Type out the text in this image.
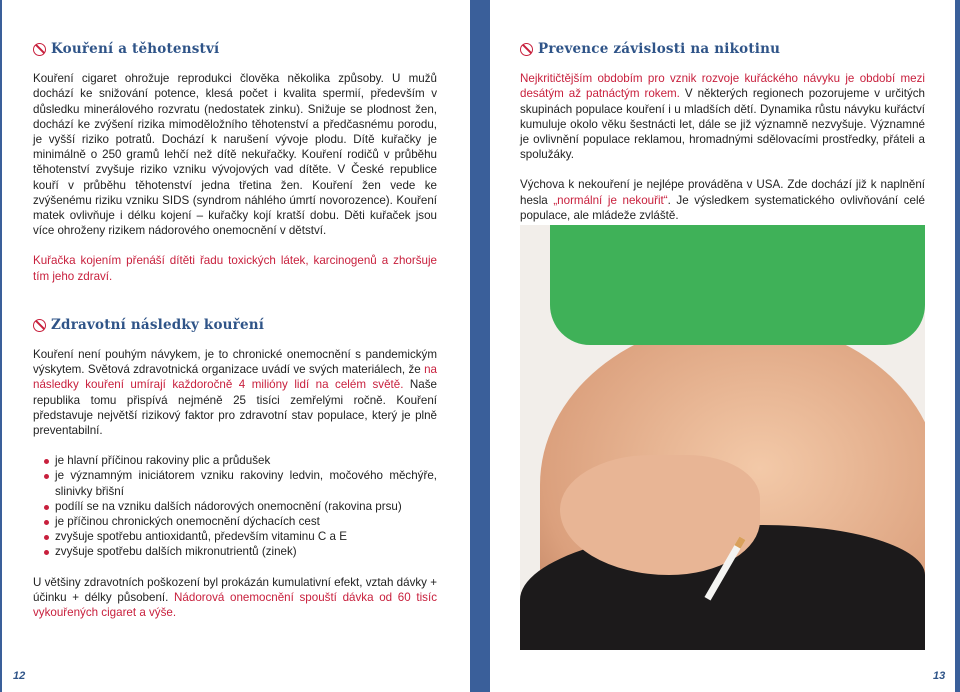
Kouření a těhotenství

Kouření cigaret ohrožuje reprodukci člověka několika způsoby. U mužů dochází ke snižování potence, klesá počet i kvalita spermií, především v důsledku minerálového rozvratu (nedostatek zinku). Snižuje se plodnost žen, dochází ke zvýšení rizika mimoděložního těhotenství a předčasnému porodu, je vyšší riziko potratů. Dochází k narušení vývoje plodu. Dítě kuřačky je minimálně o 250 gramů lehčí než dítě nekuřačky. Kouření rodičů v průběhu těhotenství zvyšuje riziko vzniku vývojových vad dítěte. V České republice kouří v průběhu těhotenství jedna třetina žen. Kouření žen vede ke zvýšenému riziku vzniku SIDS (syndrom náhlého úmrtí novorozence). Kouření matek ovlivňuje i délku kojení – kuřačky kojí kratší dobu. Děti kuřaček jsou více ohroženy rizikem nádorového onemocnění v dětství.

Kuřačka kojením přenáší dítěti řadu toxických látek, karcinogenů a zhoršuje tím jeho zdraví.

Zdravotní následky kouření

Kouření není pouhým návykem, je to chronické onemocnění s pandemickým výskytem. Světová zdravotnická organizace uvádí ve svých materiálech, že na následky kouření umírají každoročně 4 milióny lidí na celém světě. Naše republika tomu přispívá nejméně 25 tisíci zemřelými ročně. Kouření představuje největší rizikový faktor pro zdravotní stav populace, který je plně preventabilní.

je hlavní příčinou rakoviny plic a průdušek
je významným iniciátorem vzniku rakoviny ledvin, močového měchýře, slinivky břišní
podílí se na vzniku dalších nádorových onemocnění (rakovina prsu)
je příčinou chronických onemocnění dýchacích cest
zvyšuje spotřebu antioxidantů, především vitaminu C a E
zvyšuje spotřebu dalších mikronutrientů (zinek)

U většiny zdravotních poškození byl prokázán kumulativní efekt, vztah dávky + účinku + délky působení. Nádorová onemocnění spouští dávka od 60 tisíc vykouřených cigaret a výše.

Prevence závislosti na nikotinu

Nejkritičtějším obdobím pro vznik rozvoje kuřáckého návyku je období mezi desátým až patnáctým rokem. V některých regionech pozorujeme v určitých skupinách populace kouření i u mladších dětí. Dynamika růstu návyku kuřáctví kumuluje okolo věku šestnácti let, dále se již významně nezvyšuje. Významné je ovlivnění populace reklamou, hromadnými sdělovacími prostředky, přáteli a spolužáky.

Výchova k nekouření je nejlépe prováděna v USA. Zde dochází již k naplnění hesla „normální je nekouřit“. Je výsledkem systematického ovlivňování celé populace, ale mládeže zvláště.

12	13
